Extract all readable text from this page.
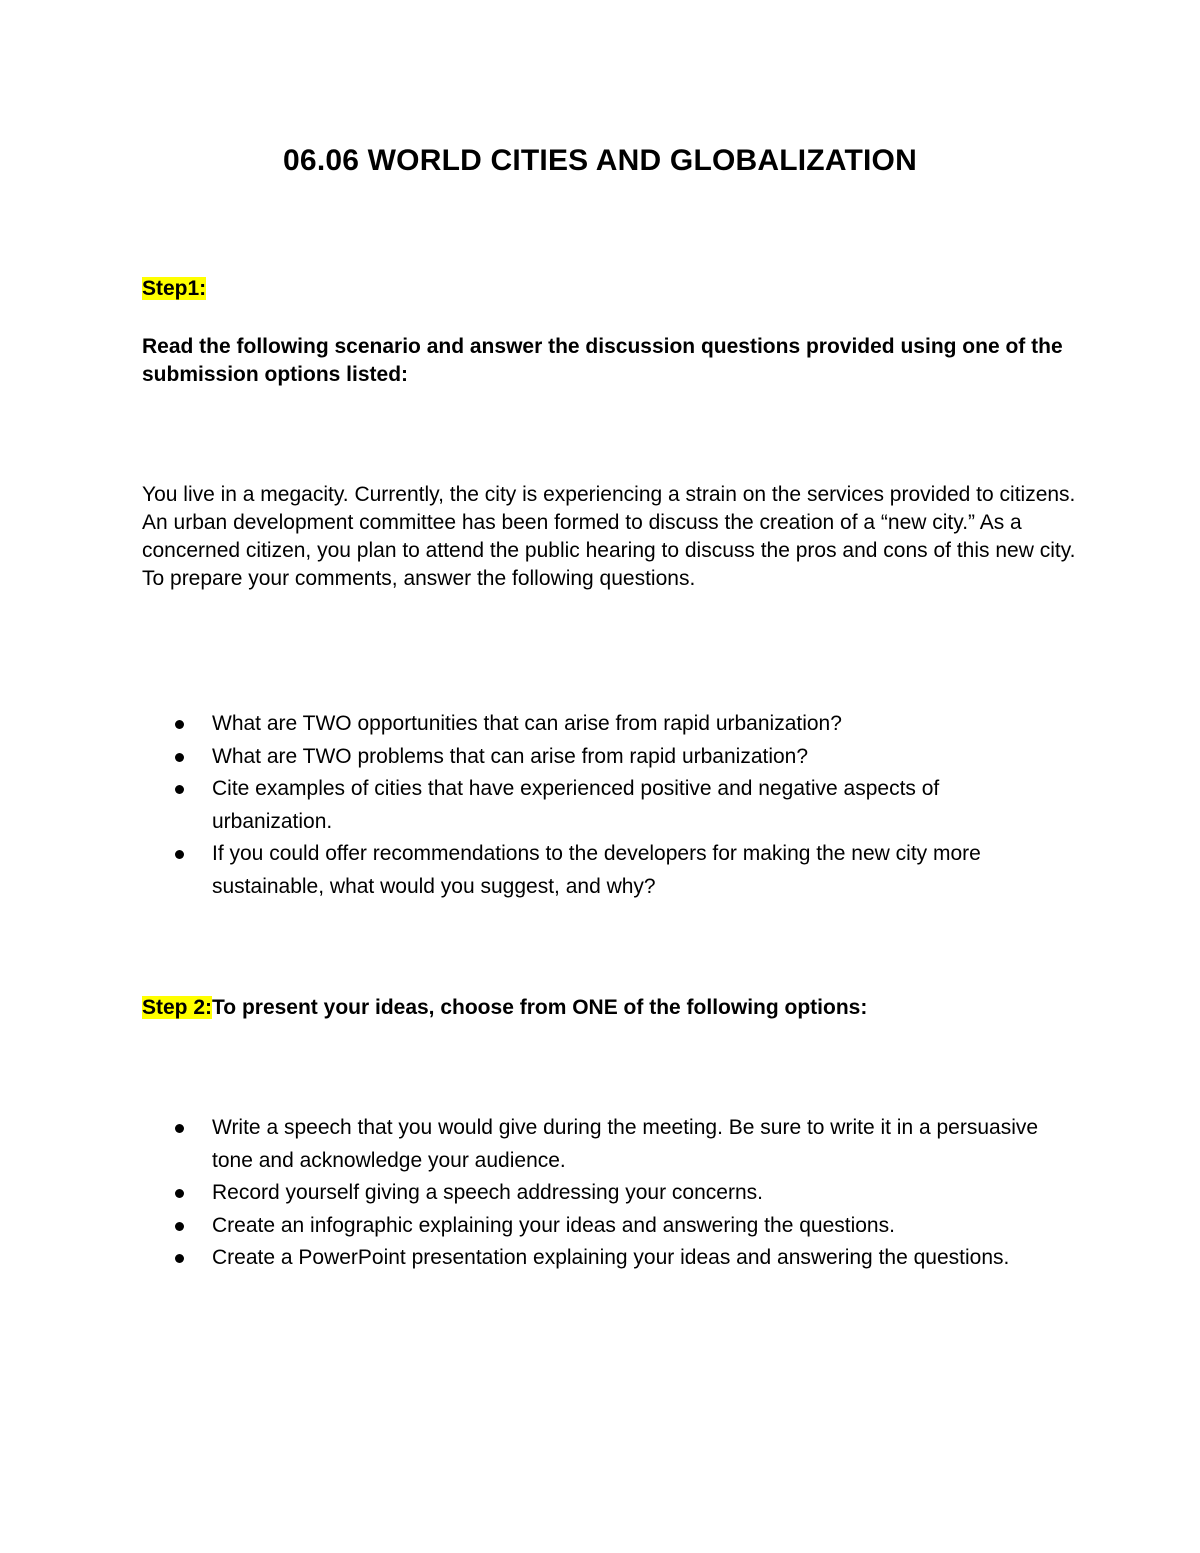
06.06 WORLD CITIES AND GLOBALIZATION
Step1:

Read the following scenario and answer the discussion questions provided using one of the submission options listed:

You live in a megacity. Currently, the city is experiencing a strain on the services provided to citizens. An urban development committee has been formed to discuss the creation of a “new city.” As a concerned citizen, you plan to attend the public hearing to discuss the pros and cons of this new city. To prepare your comments, answer the following questions.

What are TWO opportunities that can arise from rapid urbanization?
What are TWO problems that can arise from rapid urbanization?
Cite examples of cities that have experienced positive and negative aspects of urbanization.
If you could offer recommendations to the developers for making the new city more sustainable, what would you suggest, and why?
Step 2:To present your ideas, choose from ONE of the following options:
Write a speech that you would give during the meeting. Be sure to write it in a persuasive tone and acknowledge your audience.
Record yourself giving a speech addressing your concerns.
Create an infographic explaining your ideas and answering the questions.
Create a PowerPoint presentation explaining your ideas and answering the questions.
